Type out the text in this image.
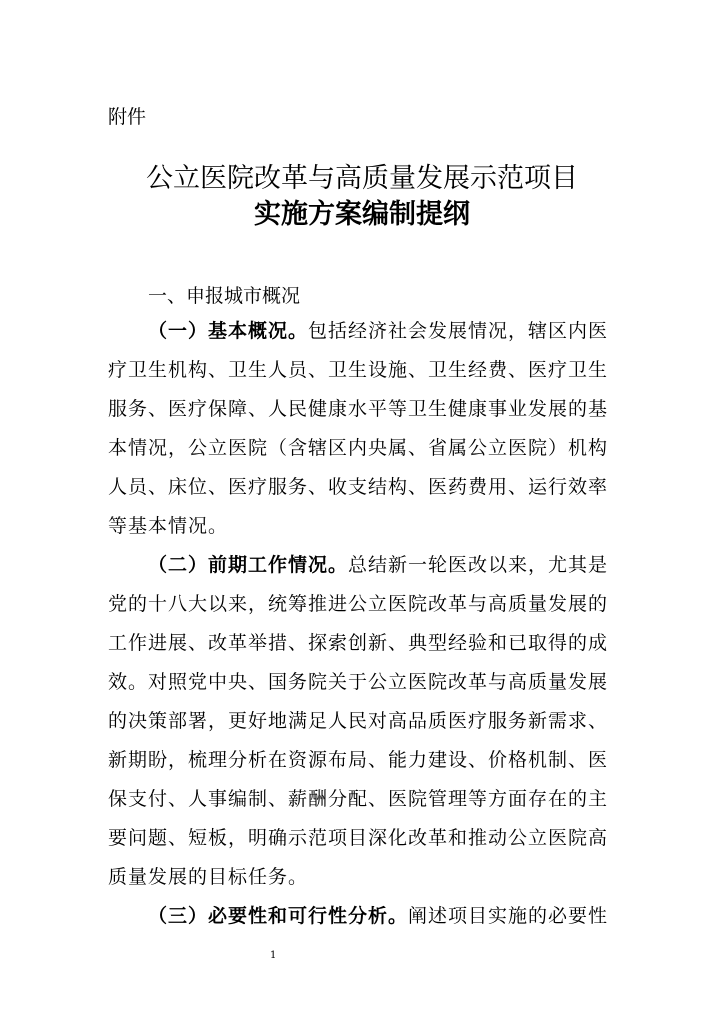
附件
公立医院改革与高质量发展示范项目
实施方案编制提纲
一、申报城市概况
（一）基本概况。包括经济社会发展情况，辖区内医
疗卫生机构、卫生人员、卫生设施、卫生经费、医疗卫生
服务、医疗保障、人民健康水平等卫生健康事业发展的基
本情况，公立医院（含辖区内央属、省属公立医院）机构
人员、床位、医疗服务、收支结构、医药费用、运行效率
等基本情况。
（二）前期工作情况。总结新一轮医改以来，尤其是
党的十八大以来，统筹推进公立医院改革与高质量发展的
工作进展、改革举措、探索创新、典型经验和已取得的成
效。对照党中央、国务院关于公立医院改革与高质量发展
的决策部署，更好地满足人民对高品质医疗服务新需求、
新期盼，梳理分析在资源布局、能力建设、价格机制、医
保支付、人事编制、薪酬分配、医院管理等方面存在的主
要问题、短板，明确示范项目深化改革和推动公立医院高
质量发展的目标任务。
（三）必要性和可行性分析。阐述项目实施的必要性
1
